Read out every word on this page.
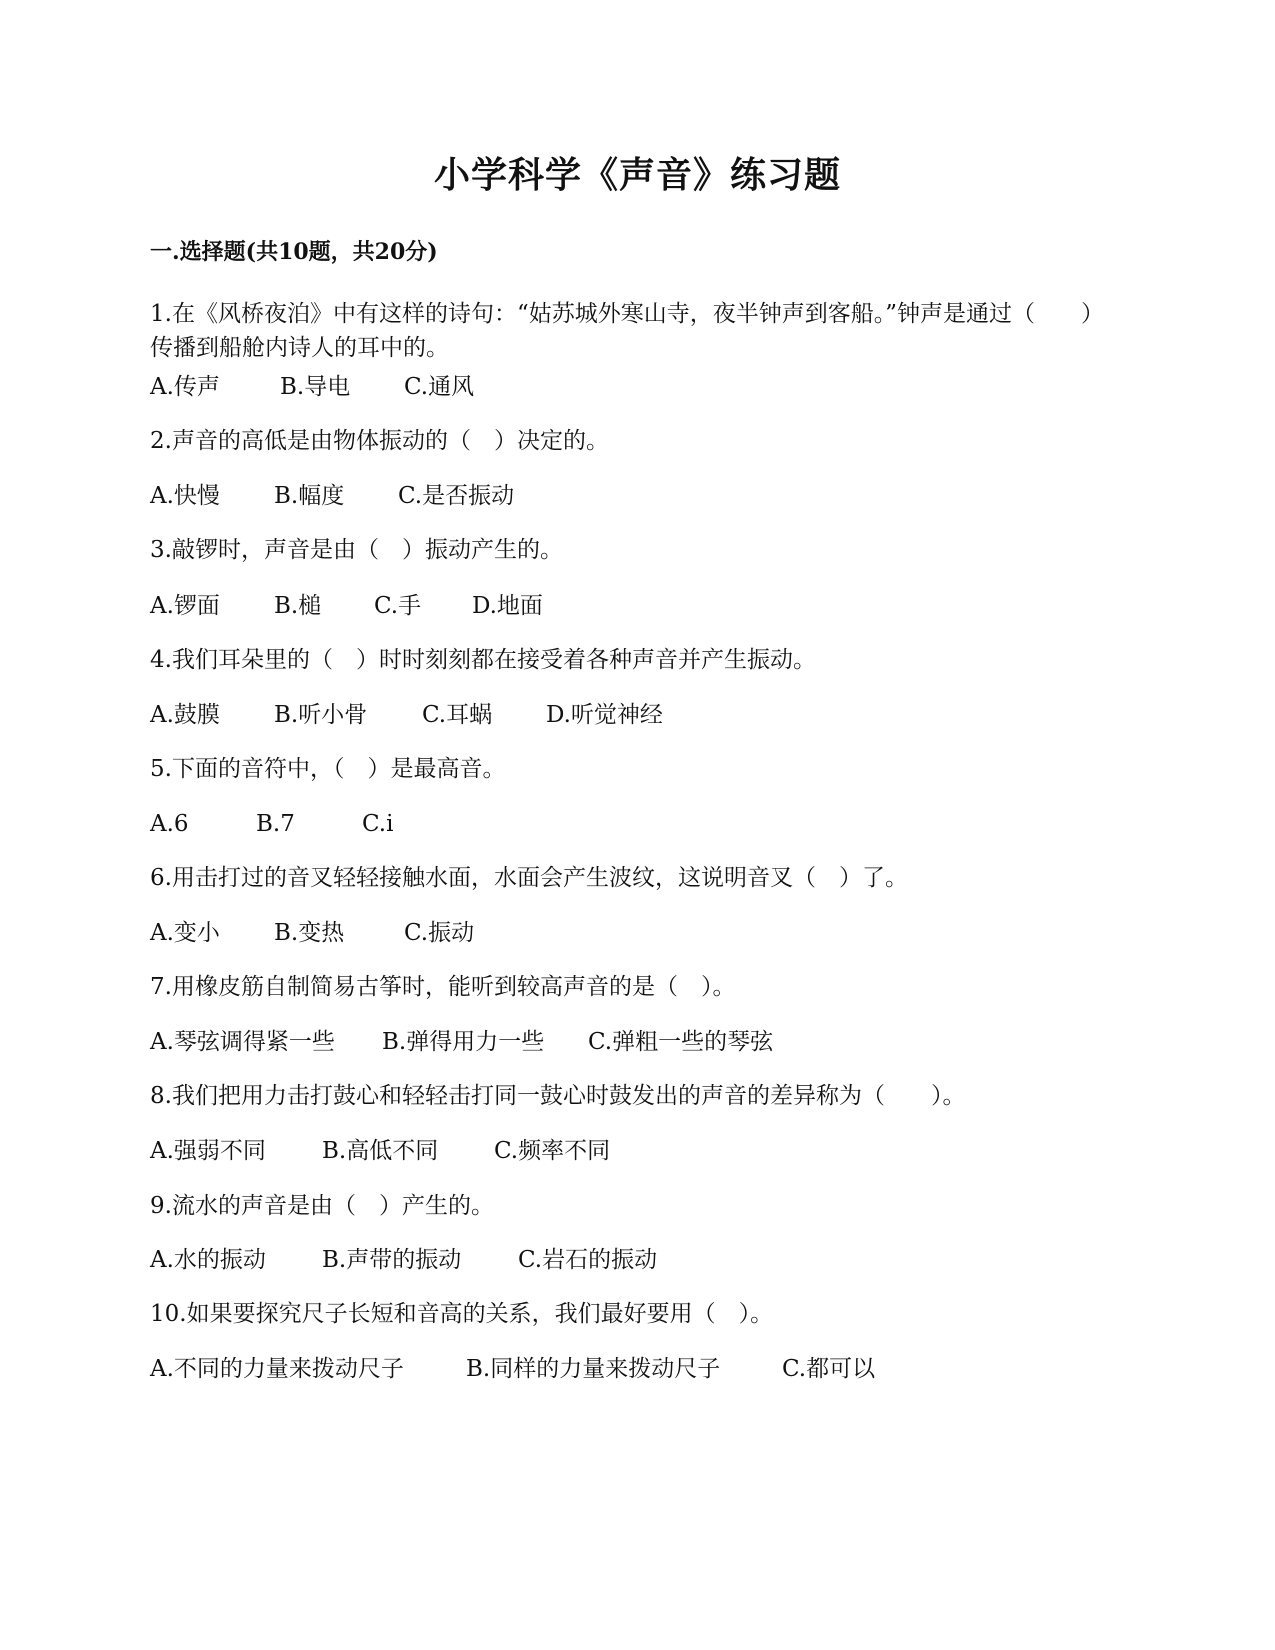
小学科学《声音》练习题
一.选择题(共10题，共20分)
1.在《风桥夜泊》中有这样的诗句：“姑苏城外寒山寺，夜半钟声到客船。”钟声是通过（　　）传播到船舱内诗人的耳中的。
A.传声	B.导电 C.通风
2.声音的高低是由物体振动的（　）决定的。
A.快慢 B.幅度 C.是否振动
3.敲锣时，声音是由（　）振动产生的。
A.锣面 B.槌 C.手 D.地面
4.我们耳朵里的（　）时时刻刻都在接受着各种声音并产生振动。
A.鼓膜 B.听小骨 C.耳蜗 D.听觉神经
5.下面的音符中，（　）是最高音。
A.6	B.7	C.i
6.用击打过的音叉轻轻接触水面，水面会产生波纹，这说明音叉（　）了。
A.变小 B.变热	C.振动
7.用橡皮筋自制简易古筝时，能听到较高声音的是（　）。
A.琴弦调得紧一些 B.弹得用力一些 C.弹粗一些的琴弦
8.我们把用力击打鼓心和轻轻击打同一鼓心时鼓发出的声音的差异称为（　　）。
A.强弱不同 B.高低不同 C.频率不同
9.流水的声音是由（　）产生的。
A.水的振动 B.声带的振动 C.岩石的振动
10.如果要探究尺子长短和音高的关系，我们最好要用（　）。
A.不同的力量来拨动尺子	B.同样的力量来拨动尺子	C.都可以
